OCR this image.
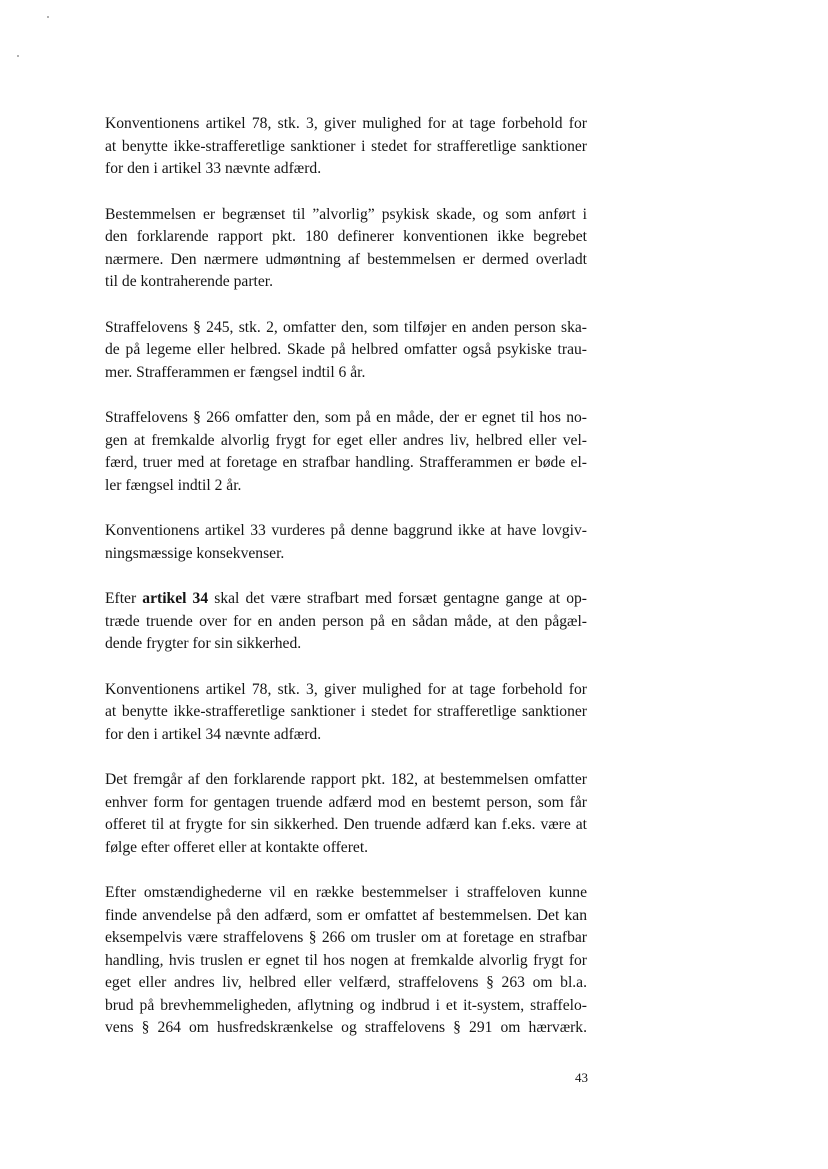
Konventionens artikel 78, stk. 3, giver mulighed for at tage forbehold for
at benytte ikke-strafferetlige sanktioner i stedet for strafferetlige sanktioner
for den i artikel 33 nævnte adfærd.

Bestemmelsen er begrænset til ”alvorlig” psykisk skade, og som anført i
den forklarende rapport pkt. 180 definerer konventionen ikke begrebet
nærmere. Den nærmere udmøntning af bestemmelsen er dermed overladt
til de kontraherende parter.

Straffelovens § 245, stk. 2, omfatter den, som tilføjer en anden person ska-
de på legeme eller helbred. Skade på helbred omfatter også psykiske trau-
mer. Strafferammen er fængsel indtil 6 år.

Straffelovens § 266 omfatter den, som på en måde, der er egnet til hos no-
gen at fremkalde alvorlig frygt for eget eller andres liv, helbred eller vel-
færd, truer med at foretage en strafbar handling. Strafferammen er bøde el-
ler fængsel indtil 2 år.

Konventionens artikel 33 vurderes på denne baggrund ikke at have lovgiv-
ningsmæssige konsekvenser.

Efter artikel 34 skal det være strafbart med forsæt gentagne gange at op-
træde truende over for en anden person på en sådan måde, at den pågæl-
dende frygter for sin sikkerhed.

Konventionens artikel 78, stk. 3, giver mulighed for at tage forbehold for
at benytte ikke-strafferetlige sanktioner i stedet for strafferetlige sanktioner
for den i artikel 34 nævnte adfærd.

Det fremgår af den forklarende rapport pkt. 182, at bestemmelsen omfatter
enhver form for gentagen truende adfærd mod en bestemt person, som får
offeret til at frygte for sin sikkerhed. Den truende adfærd kan f.eks. være at
følge efter offeret eller at kontakte offeret.

Efter omstændighederne vil en række bestemmelser i straffeloven kunne
finde anvendelse på den adfærd, som er omfattet af bestemmelsen. Det kan
eksempelvis være straffelovens § 266 om trusler om at foretage en strafbar
handling, hvis truslen er egnet til hos nogen at fremkalde alvorlig frygt for
eget eller andres liv, helbred eller velfærd, straffelovens § 263 om bl.a.
brud på brevhemmeligheden, aflytning og indbrud i et it-system, straffelo-
vens § 264 om husfredskrænkelse og straffelovens § 291 om hærværk.

43
